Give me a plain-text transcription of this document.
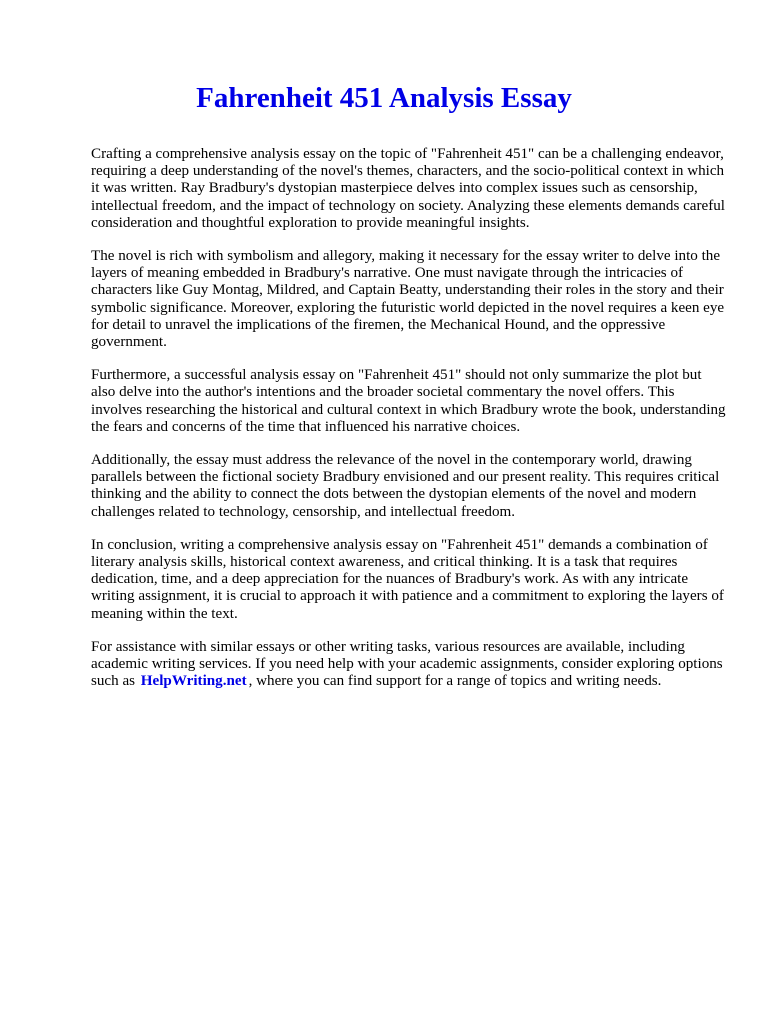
Fahrenheit 451 Analysis Essay

Crafting a comprehensive analysis essay on the topic of "Fahrenheit 451" can be a challenging endeavor, requiring a deep understanding of the novel's themes, characters, and the socio-political context in which it was written. Ray Bradbury's dystopian masterpiece delves into complex issues such as censorship, intellectual freedom, and the impact of technology on society. Analyzing these elements demands careful consideration and thoughtful exploration to provide meaningful insights.

The novel is rich with symbolism and allegory, making it necessary for the essay writer to delve into the layers of meaning embedded in Bradbury's narrative. One must navigate through the intricacies of characters like Guy Montag, Mildred, and Captain Beatty, understanding their roles in the story and their symbolic significance. Moreover, exploring the futuristic world depicted in the novel requires a keen eye for detail to unravel the implications of the firemen, the Mechanical Hound, and the oppressive government.

Furthermore, a successful analysis essay on "Fahrenheit 451" should not only summarize the plot but also delve into the author's intentions and the broader societal commentary the novel offers. This involves researching the historical and cultural context in which Bradbury wrote the book, understanding the fears and concerns of the time that influenced his narrative choices.

Additionally, the essay must address the relevance of the novel in the contemporary world, drawing parallels between the fictional society Bradbury envisioned and our present reality. This requires critical thinking and the ability to connect the dots between the dystopian elements of the novel and modern challenges related to technology, censorship, and intellectual freedom.

In conclusion, writing a comprehensive analysis essay on "Fahrenheit 451" demands a combination of literary analysis skills, historical context awareness, and critical thinking. It is a task that requires dedication, time, and a deep appreciation for the nuances of Bradbury's work. As with any intricate writing assignment, it is crucial to approach it with patience and a commitment to exploring the layers of meaning within the text.

For assistance with similar essays or other writing tasks, various resources are available, including academic writing services. If you need help with your academic assignments, consider exploring options such as HelpWriting.net , where you can find support for a range of topics and writing needs.
